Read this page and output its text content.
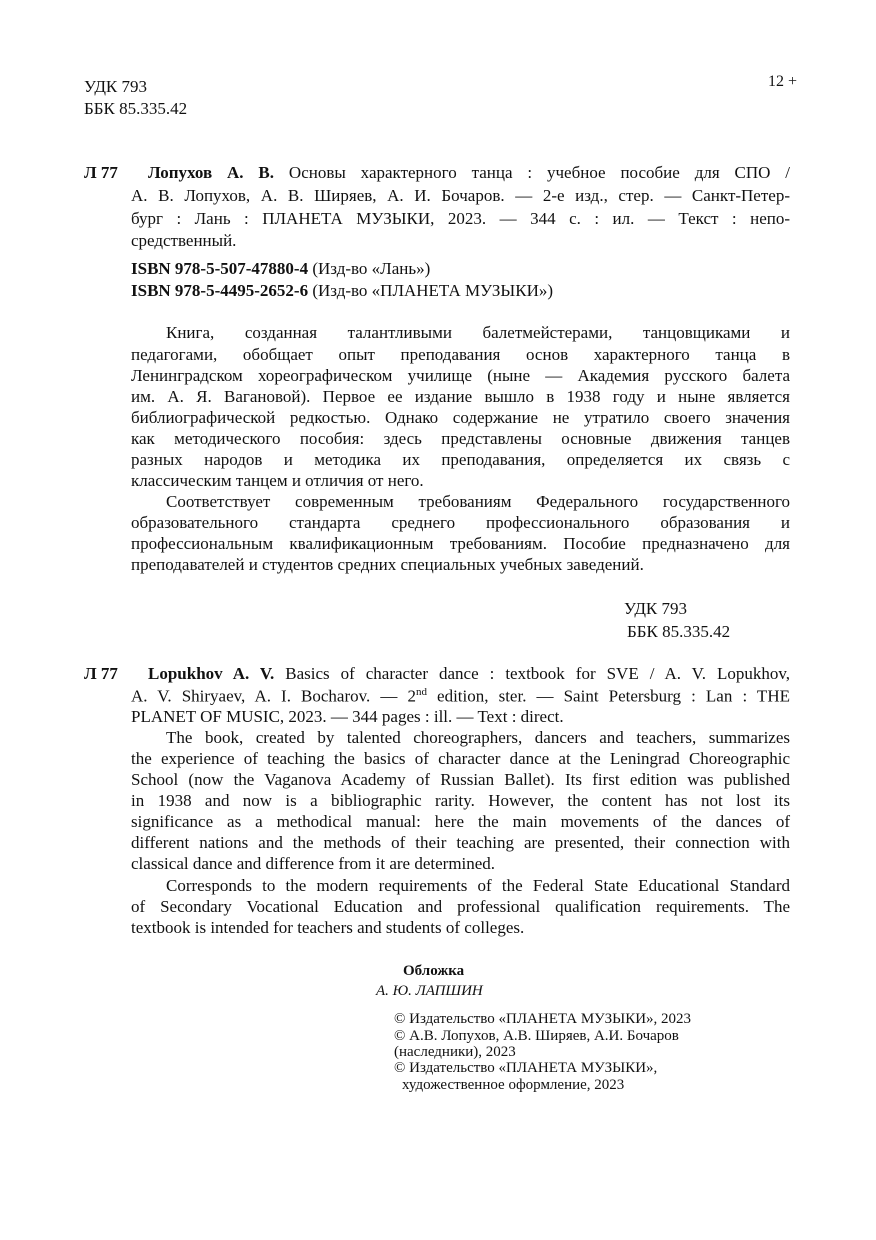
УДК 793
ББК 85.335.42
12 +
Л 77 Лопухов А. В. Основы характерного танца : учебное пособие для СПО /
А. В. Лопухов, А. В. Ширяев, А. И. Бочаров. — 2-е изд., стер. — Санкт-Петер-
бург : Лань : ПЛАНЕТА МУЗЫКИ, 2023. — 344 с. : ил. — Текст : непо-
средственный.
ISBN 978-5-507-47880-4 (Изд-во «Лань»)
ISBN 978-5-4495-2652-6 (Изд-во «ПЛАНЕТА МУЗЫКИ»)
Книга, созданная талантливыми балетмейстерами, танцовщиками и
педагогами, обобщает опыт преподавания основ характерного танца в
Ленинградском хореографическом училище (ныне — Академия русского балета
им. А. Я. Вагановой). Первое ее издание вышло в 1938 году и ныне является
библиографической редкостью. Однако содержание не утратило своего значения
как методического пособия: здесь представлены основные движения танцев
разных народов и методика их преподавания, определяется их связь с
классическим танцем и отличия от него.
Соответствует современным требованиям Федерального государственного
образовательного стандарта среднего профессионального образования и
профессиональным квалификационным требованиям. Пособие предназначено для
преподавателей и студентов средних специальных учебных заведений.
УДК 793
ББК 85.335.42
Л 77 Lopukhov A. V. Basics of character dance : textbook for SVE / A. V. Lopukhov,
A. V. Shiryaev, A. I. Bocharov. — 2nd edition, ster. — Saint Petersburg : Lan : THE
PLANET OF MUSIC, 2023. — 344 pages : ill. — Text : direct.
The book, created by talented choreographers, dancers and teachers, summarizes
the experience of teaching the basics of character dance at the Leningrad Choreographic
School (now the Vaganova Academy of Russian Ballet). Its first edition was published
in 1938 and now is a bibliographic rarity. However, the content has not lost its
significance as a methodical manual: here the main movements of the dances of
different nations and the methods of their teaching are presented, their connection with
classical dance and difference from it are determined.
Corresponds to the modern requirements of the Federal State Educational Standard
of Secondary Vocational Education and professional qualification requirements. The
textbook is intended for teachers and students of colleges.
Обложка
А. Ю. ЛАПШИН
© Издательство «ПЛАНЕТА МУЗЫКИ», 2023
© А.В. Лопухов, А.В. Ширяев, А.И. Бочаров
(наследники), 2023
© Издательство «ПЛАНЕТА МУЗЫКИ»,
художественное оформление, 2023
